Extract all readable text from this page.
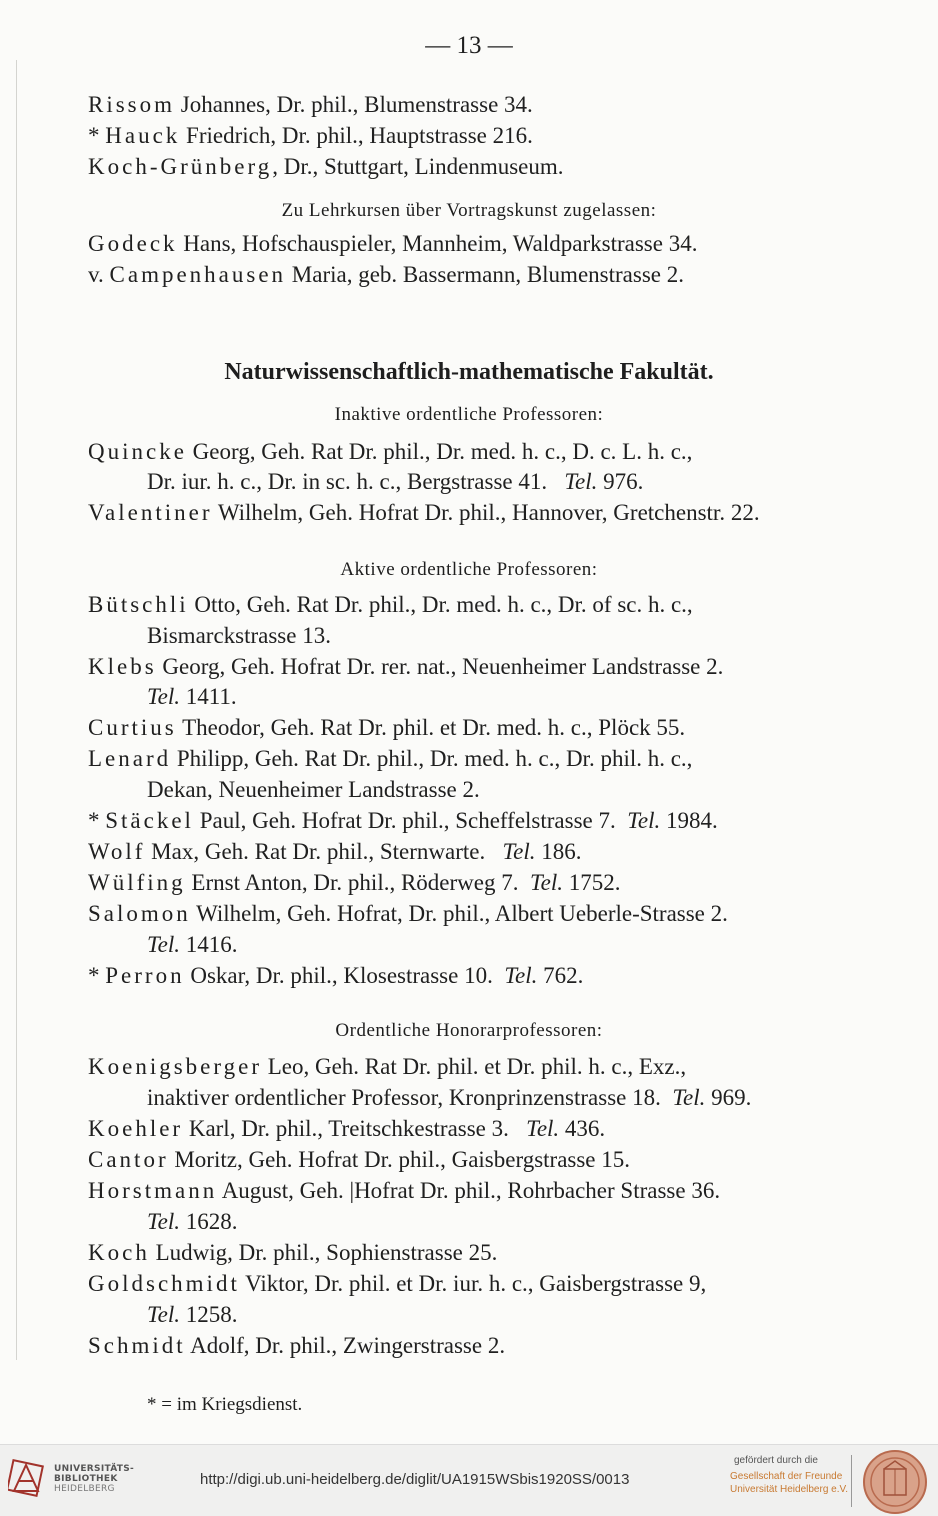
— 13 —
Rissom Johannes, Dr. phil., Blumenstrasse 34.
* Hauck Friedrich, Dr. phil., Hauptstrasse 216.
Koch-Grünberg, Dr., Stuttgart, Lindenmuseum.
Zu Lehrkursen über Vortragskunst zugelassen:
Godeck Hans, Hofschauspieler, Mannheim, Waldparkstrasse 34.
v. Campenhausen Maria, geb. Bassermann, Blumenstrasse 2.
Naturwissenschaftlich-mathematische Fakultät.
Inaktive ordentliche Professoren:
Quincke Georg, Geh. Rat Dr. phil., Dr. med. h. c., D. c. L. h. c.,
Dr. iur. h. c., Dr. in sc. h. c., Bergstrasse 41. Tel. 976.
Valentiner Wilhelm, Geh. Hofrat Dr. phil., Hannover, Gretchenstr. 22.
Aktive ordentliche Professoren:
Bütschli Otto, Geh. Rat Dr. phil., Dr. med. h. c., Dr. of sc. h. c.,
Bismarckstrasse 13.
Klebs Georg, Geh. Hofrat Dr. rer. nat., Neuenheimer Landstrasse 2.
Tel. 1411.
Curtius Theodor, Geh. Rat Dr. phil. et Dr. med. h. c., Plöck 55.
Lenard Philipp, Geh. Rat Dr. phil., Dr. med. h. c., Dr. phil. h. c.,
Dekan, Neuenheimer Landstrasse 2.
* Stäckel Paul, Geh. Hofrat Dr. phil., Scheffelstrasse 7. Tel. 1984.
Wolf Max, Geh. Rat Dr. phil., Sternwarte. Tel. 186.
Wülfing Ernst Anton, Dr. phil., Röderweg 7. Tel. 1752.
Salomon Wilhelm, Geh. Hofrat, Dr. phil., Albert Ueberle-Strasse 2.
Tel. 1416.
* Perron Oskar, Dr. phil., Klosestrasse 10. Tel. 762.
Ordentliche Honorarprofessoren:
Koenigsberger Leo, Geh. Rat Dr. phil. et Dr. phil. h. c., Exz.,
inaktiver ordentlicher Professor, Kronprinzenstrasse 18. Tel. 969.
Koehler Karl, Dr. phil., Treitschkestrasse 3. Tel. 436.
Cantor Moritz, Geh. Hofrat Dr. phil., Gaisbergstrasse 15.
Horstmann August, Geh. |Hofrat Dr. phil., Rohrbacher Strasse 36.
Tel. 1628.
Koch Ludwig, Dr. phil., Sophienstrasse 25.
Goldschmidt Viktor, Dr. phil. et Dr. iur. h. c., Gaisbergstrasse 9,
Tel. 1258.
Schmidt Adolf, Dr. phil., Zwingerstrasse 2.
* = im Kriegsdienst.
UNIVERSITÄTS-
BIBLIOTHEK
HEIDELBERG
http://digi.ub.uni-heidelberg.de/diglit/UA1915WSbis1920SS/0013
gefördert durch die
Gesellschaft der Freunde
Universität Heidelberg e.V.
